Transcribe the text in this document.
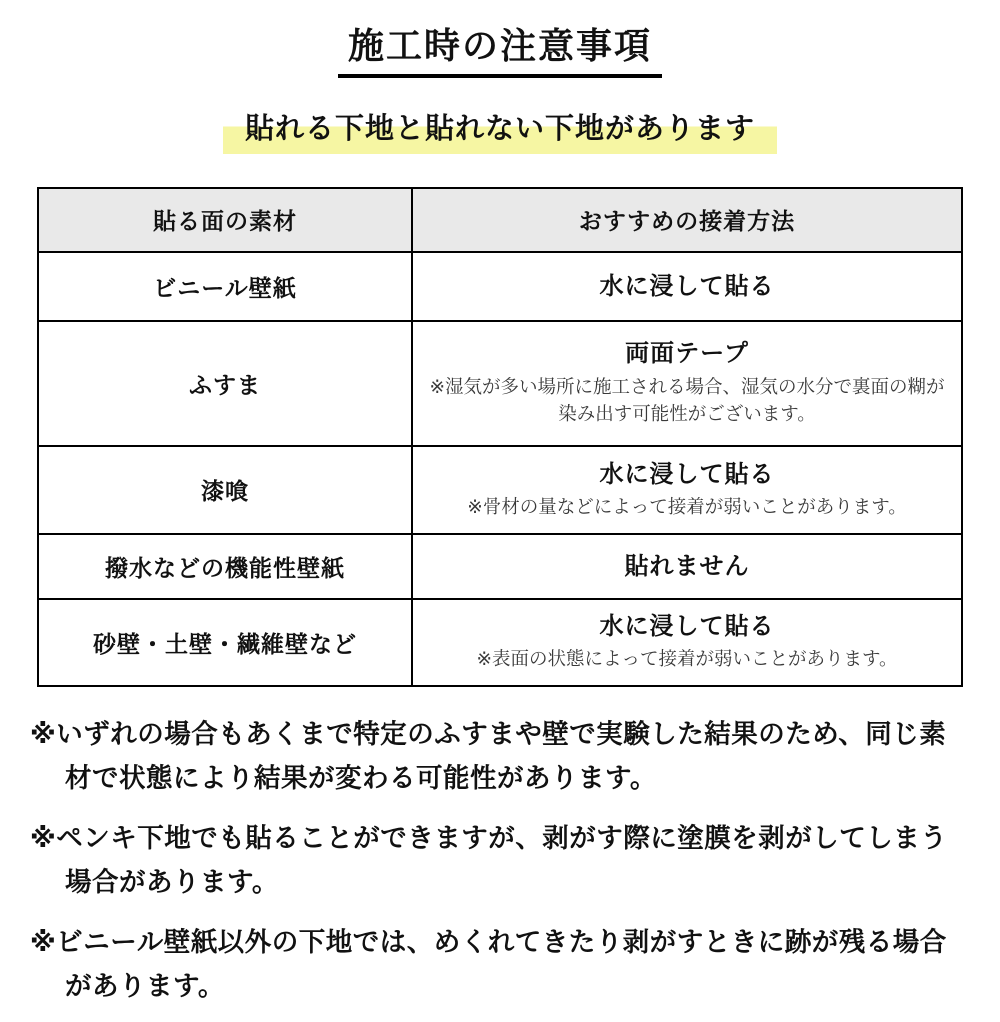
施工時の注意事項
貼れる下地と貼れない下地があります
貼る面の素材	おすすめの接着方法
ビニール壁紙	水に浸して貼る

ふすま	両面テープ
※湿気が多い場所に施工される場合、湿気の水分で裏面の糊が染み出す可能性がございます。

漆喰	水に浸して貼る
※骨材の量などによって接着が弱いことがあります。

撥水などの機能性壁紙	貼れません

砂壁・土壁・繊維壁など	水に浸して貼る
※表面の状態によって接着が弱いことがあります。

※いずれの場合もあくまで特定のふすまや壁で実験した結果のため、同じ素材で状態により結果が変わる可能性があります。

※ペンキ下地でも貼ることができますが、剥がす際に塗膜を剥がしてしまう場合があります。

※ビニール壁紙以外の下地では、めくれてきたり剥がすときに跡が残る場合があります。
